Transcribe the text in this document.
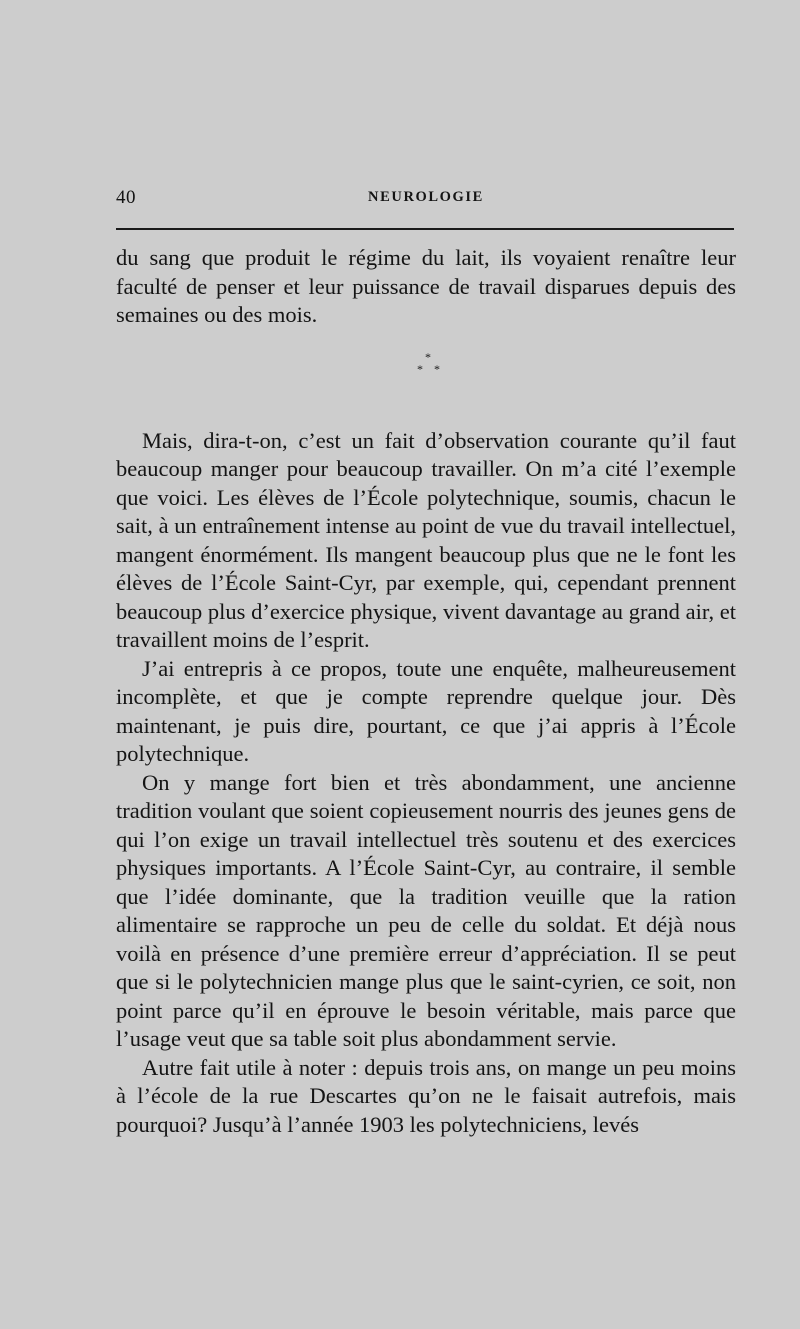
40	NEUROLOGIE

du sang que produit le régime du lait, ils voyaient renaître leur faculté de penser et leur puissance de travail disparues depuis des semaines ou des mois.

*
* *

Mais, dira-t-on, c’est un fait d’observation courante qu’il faut beaucoup manger pour beaucoup travailler. On m’a cité l’exemple que voici. Les élèves de l’École polytechnique, soumis, chacun le sait, à un entraînement intense au point de vue du travail intellectuel, mangent énormément. Ils mangent beaucoup plus que ne le font les élèves de l’École Saint-Cyr, par exemple, qui, cependant prennent beaucoup plus d’exercice physique, vivent davantage au grand air, et travaillent moins de l’esprit.

J’ai entrepris à ce propos, toute une enquête, malheureusement incomplète, et que je compte reprendre quelque jour. Dès maintenant, je puis dire, pourtant, ce que j’ai appris à l’École polytechnique.

On y mange fort bien et très abondamment, une ancienne tradition voulant que soient copieusement nourris des jeunes gens de qui l’on exige un travail intellectuel très soutenu et des exercices physiques importants. A l’École Saint-Cyr, au contraire, il semble que l’idée dominante, que la tradition veuille que la ration alimentaire se rapproche un peu de celle du soldat. Et déjà nous voilà en présence d’une première erreur d’appréciation. Il se peut que si le polytechnicien mange plus que le saint-cyrien, ce soit, non point parce qu’il en éprouve le besoin véritable, mais parce que l’usage veut que sa table soit plus abondamment servie.

Autre fait utile à noter : depuis trois ans, on mange un peu moins à l’école de la rue Descartes qu’on ne le faisait autrefois, mais pourquoi? Jusqu’à l’année 1903 les polytechniciens, levés
